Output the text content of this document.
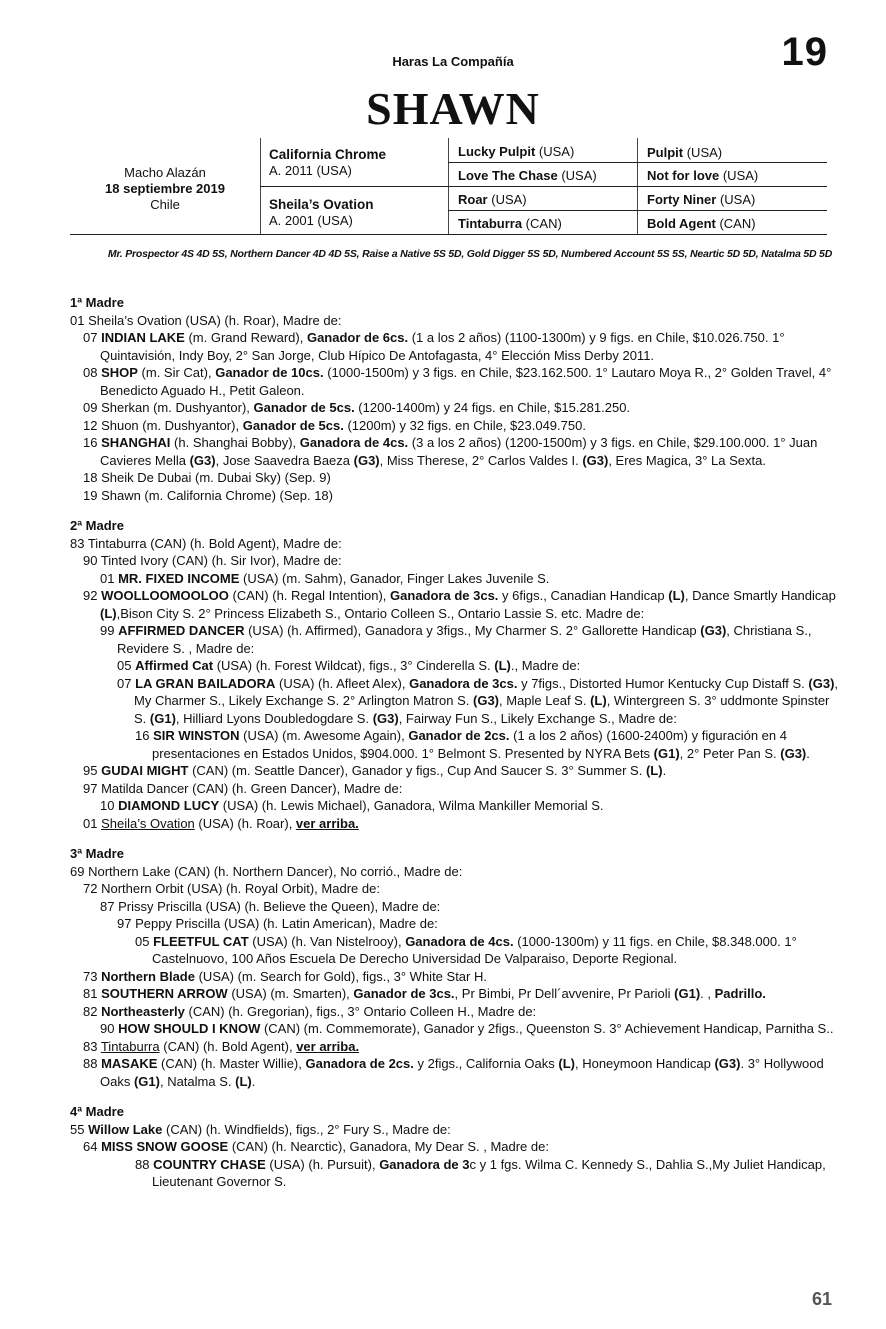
Haras La Compañía	19
SHAWN
Macho Alazán
18 septiembre 2019
Chile
California Chrome
A. 2011 (USA)
Sheila’s Ovation
A. 2001 (USA)
Lucky Pulpit (USA)
Love The Chase (USA)
Roar (USA)
Tintaburra (CAN)
Pulpit (USA)
Not for love (USA)
Forty Niner (USA)
Bold Agent (CAN)
Mr. Prospector 4S 4D 5S, Northern Dancer 4D 4D 5S, Raise a Native 5S 5D, Gold Digger 5S 5D, Numbered Account 5S 5S, Neartic 5D 5D, Natalma 5D 5D
1ª Madre
01 Sheila’s Ovation (USA) (h. Roar), Madre de:
07 INDIAN LAKE (m. Grand Reward), Ganador de 6cs. (1 a los 2 años) (1100-1300m) y 9 figs. en Chile, $10.026.750. 1° Quintavisión, Indy Boy, 2° San Jorge, Club Hípico De Antofagasta, 4° Elección Miss Derby 2011.
08 SHOP (m. Sir Cat), Ganador de 10cs. (1000-1500m) y 3 figs. en Chile, $23.162.500. 1° Lautaro Moya R., 2° Golden Travel, 4° Benedicto Aguado H., Petit Galeon.
09 Sherkan (m. Dushyantor), Ganador de 5cs. (1200-1400m) y 24 figs. en Chile, $15.281.250.
12 Shuon (m. Dushyantor), Ganador de 5cs. (1200m) y 32 figs. en Chile, $23.049.750.
16 SHANGHAI (h. Shanghai Bobby), Ganadora de 4cs. (3 a los 2 años) (1200-1500m) y 3 figs. en Chile, $29.100.000. 1° Juan Cavieres Mella (G3), Jose Saavedra Baeza (G3), Miss Therese, 2° Carlos Valdes I. (G3), Eres Magica, 3° La Sexta.
18 Sheik De Dubai (m. Dubai Sky) (Sep. 9)
19 Shawn (m. California Chrome) (Sep. 18)
2ª Madre
83 Tintaburra (CAN) (h. Bold Agent), Madre de:
90 Tinted Ivory (CAN) (h. Sir Ivor), Madre de:
01 MR. FIXED INCOME (USA) (m. Sahm), Ganador, Finger Lakes Juvenile S.
92 WOOLLOOMOOLOO (CAN) (h. Regal Intention), Ganadora de 3cs. y 6figs., Canadian Handicap (L), Dance Smartly Handicap (L),Bison City S. 2° Princess Elizabeth S., Ontario Colleen S., Ontario Lassie S. etc. Madre de:
99 AFFIRMED DANCER (USA) (h. Affirmed), Ganadora y 3figs., My Charmer S. 2° Gallorette Handicap (G3), Christiana S., Revidere S. , Madre de:
05 Affirmed Cat (USA) (h. Forest Wildcat), figs., 3° Cinderella S. (L)., Madre de:
07 LA GRAN BAILADORA (USA) (h. Afleet Alex), Ganadora de 3cs. y 7figs., Distorted Humor Kentucky Cup Distaff S. (G3), My Charmer S., Likely Exchange S. 2° Arlington Matron S. (G3), Maple Leaf S. (L), Wintergreen S. 3° uddmonte Spinster S. (G1), Hilliard Lyons Doubledogdare S. (G3), Fairway Fun S., Likely Exchange S., Madre de:
16 SIR WINSTON (USA) (m. Awesome Again), Ganador de 2cs. (1 a los 2 años) (1600-2400m) y figuración en 4 presentaciones en Estados Unidos, $904.000. 1° Belmont S. Presented by NYRA Bets (G1), 2° Peter Pan S. (G3).
95 GUDAI MIGHT (CAN) (m. Seattle Dancer), Ganador y figs., Cup And Saucer S. 3° Summer S. (L).
97 Matilda Dancer (CAN) (h. Green Dancer), Madre de:
10 DIAMOND LUCY (USA) (h. Lewis Michael), Ganadora, Wilma Mankiller Memorial S.
01 Sheila’s Ovation (USA) (h. Roar), ver arriba.
3ª Madre
69 Northern Lake (CAN) (h. Northern Dancer), No corrió., Madre de:
72 Northern Orbit (USA) (h. Royal Orbit), Madre de:
87 Prissy Priscilla (USA) (h. Believe the Queen), Madre de:
97 Peppy Priscilla (USA) (h. Latin American), Madre de:
05 FLEETFUL CAT (USA) (h. Van Nistelrooy), Ganadora de 4cs. (1000-1300m) y 11 figs. en Chile, $8.348.000. 1° Castelnuovo, 100 Años Escuela De Derecho Universidad De Valparaiso, Deporte Regional.
73 Northern Blade (USA) (m. Search for Gold), figs., 3° White Star H.
81 SOUTHERN ARROW (USA) (m. Smarten), Ganador de 3cs., Pr Bimbi, Pr Dell´avvenire, Pr Parioli (G1). , Padrillo.
82 Northeasterly (CAN) (h. Gregorian), figs., 3° Ontario Colleen H., Madre de:
90 HOW SHOULD I KNOW (CAN) (m. Commemorate), Ganador y 2figs., Queenston S. 3° Achievement Handicap, Parnitha S..
83 Tintaburra (CAN) (h. Bold Agent), ver arriba.
88 MASAKE (CAN) (h. Master Willie), Ganadora de 2cs. y 2figs., California Oaks (L), Honeymoon Handicap (G3). 3° Hollywood Oaks (G1), Natalma S. (L).
4ª Madre
55 Willow Lake (CAN) (h. Windfields), figs., 2° Fury S., Madre de:
64 MISS SNOW GOOSE (CAN) (h. Nearctic), Ganadora, My Dear S. , Madre de:
88 COUNTRY CHASE (USA) (h. Pursuit), Ganadora de 3c y 1 fgs. Wilma C. Kennedy S., Dahlia S.,My Juliet Handicap, Lieutenant Governor S.
61
